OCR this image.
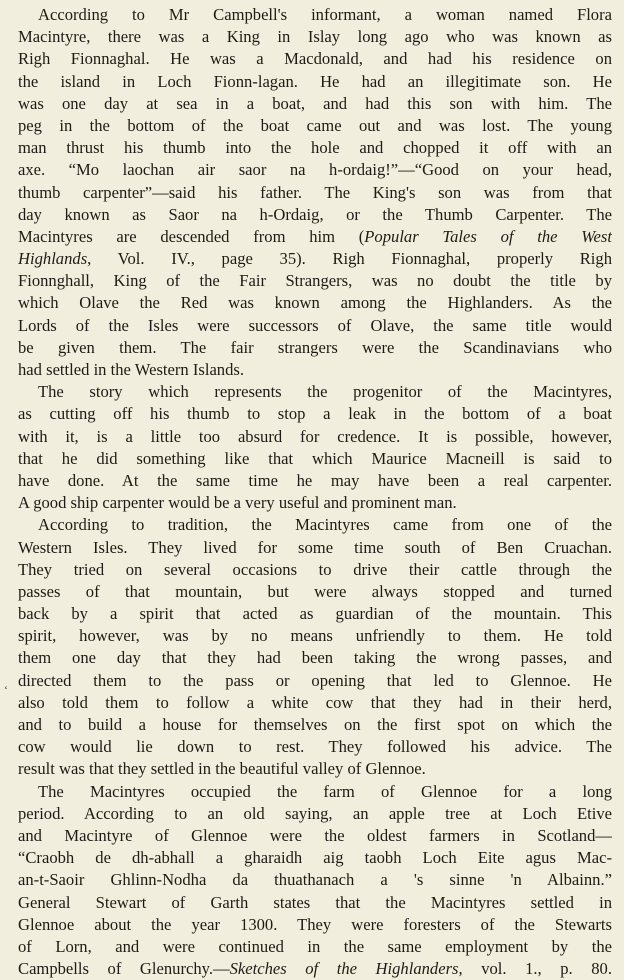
According to Mr Campbell's informant, a woman named Flora
Macintyre, there was a King in Islay long ago who was known as
Righ Fionnaghal. He was a Macdonald, and had his residence on
the island in Loch Fionn-lagan. He had an illegitimate son. He
was one day at sea in a boat, and had this son with him. The
peg in the bottom of the boat came out and was lost. The young
man thrust his thumb into the hole and chopped it off with an
axe. “Mo laochan air saor na h-ordaig!”—“Good on your head,
thumb carpenter”—said his father. The King's son was from that
day known as Saor na h-Ordaig, or the Thumb Carpenter. The
Macintyres are descended from him (Popular Tales of the West
Highlands, Vol. IV., page 35). Righ Fionnaghal, properly Righ
Fionnghall, King of the Fair Strangers, was no doubt the title by
which Olave the Red was known among the Highlanders. As the
Lords of the Isles were successors of Olave, the same title would
be given them. The fair strangers were the Scandinavians who
had settled in the Western Islands.
The story which represents the progenitor of the Macintyres,
as cutting off his thumb to stop a leak in the bottom of a boat
with it, is a little too absurd for credence. It is possible, however,
that he did something like that which Maurice Macneill is said to
have done. At the same time he may have been a real carpenter.
A good ship carpenter would be a very useful and prominent man.
According to tradition, the Macintyres came from one of the
Western Isles. They lived for some time south of Ben Cruachan.
They tried on several occasions to drive their cattle through the
passes of that mountain, but were always stopped and turned
back by a spirit that acted as guardian of the mountain. This
spirit, however, was by no means unfriendly to them. He told
them one day that they had been taking the wrong passes, and
directed them to the pass or opening that led to Glennoe. He
also told them to follow a white cow that they had in their herd,
and to build a house for themselves on the first spot on which the
cow would lie down to rest. They followed his advice. The
result was that they settled in the beautiful valley of Glennoe.
The Macintyres occupied the farm of Glennoe for a long
period. According to an old saying, an apple tree at Loch Etive
and Macintyre of Glennoe were the oldest farmers in Scotland—
“Craobh de dh-abhall a gharaidh aig taobh Loch Eite agus Mac-
an-t-Saoir Ghlinn-Nodha da thuathanach a 's sinne 'n Albainn.”
General Stewart of Garth states that the Macintyres settled in
Glennoe about the year 1300. They were foresters of the Stewarts
of Lorn, and were continued in the same employment by the
Campbells of Glenurchy.—Sketches of the Highlanders, vol. 1., p. 80.
‘
